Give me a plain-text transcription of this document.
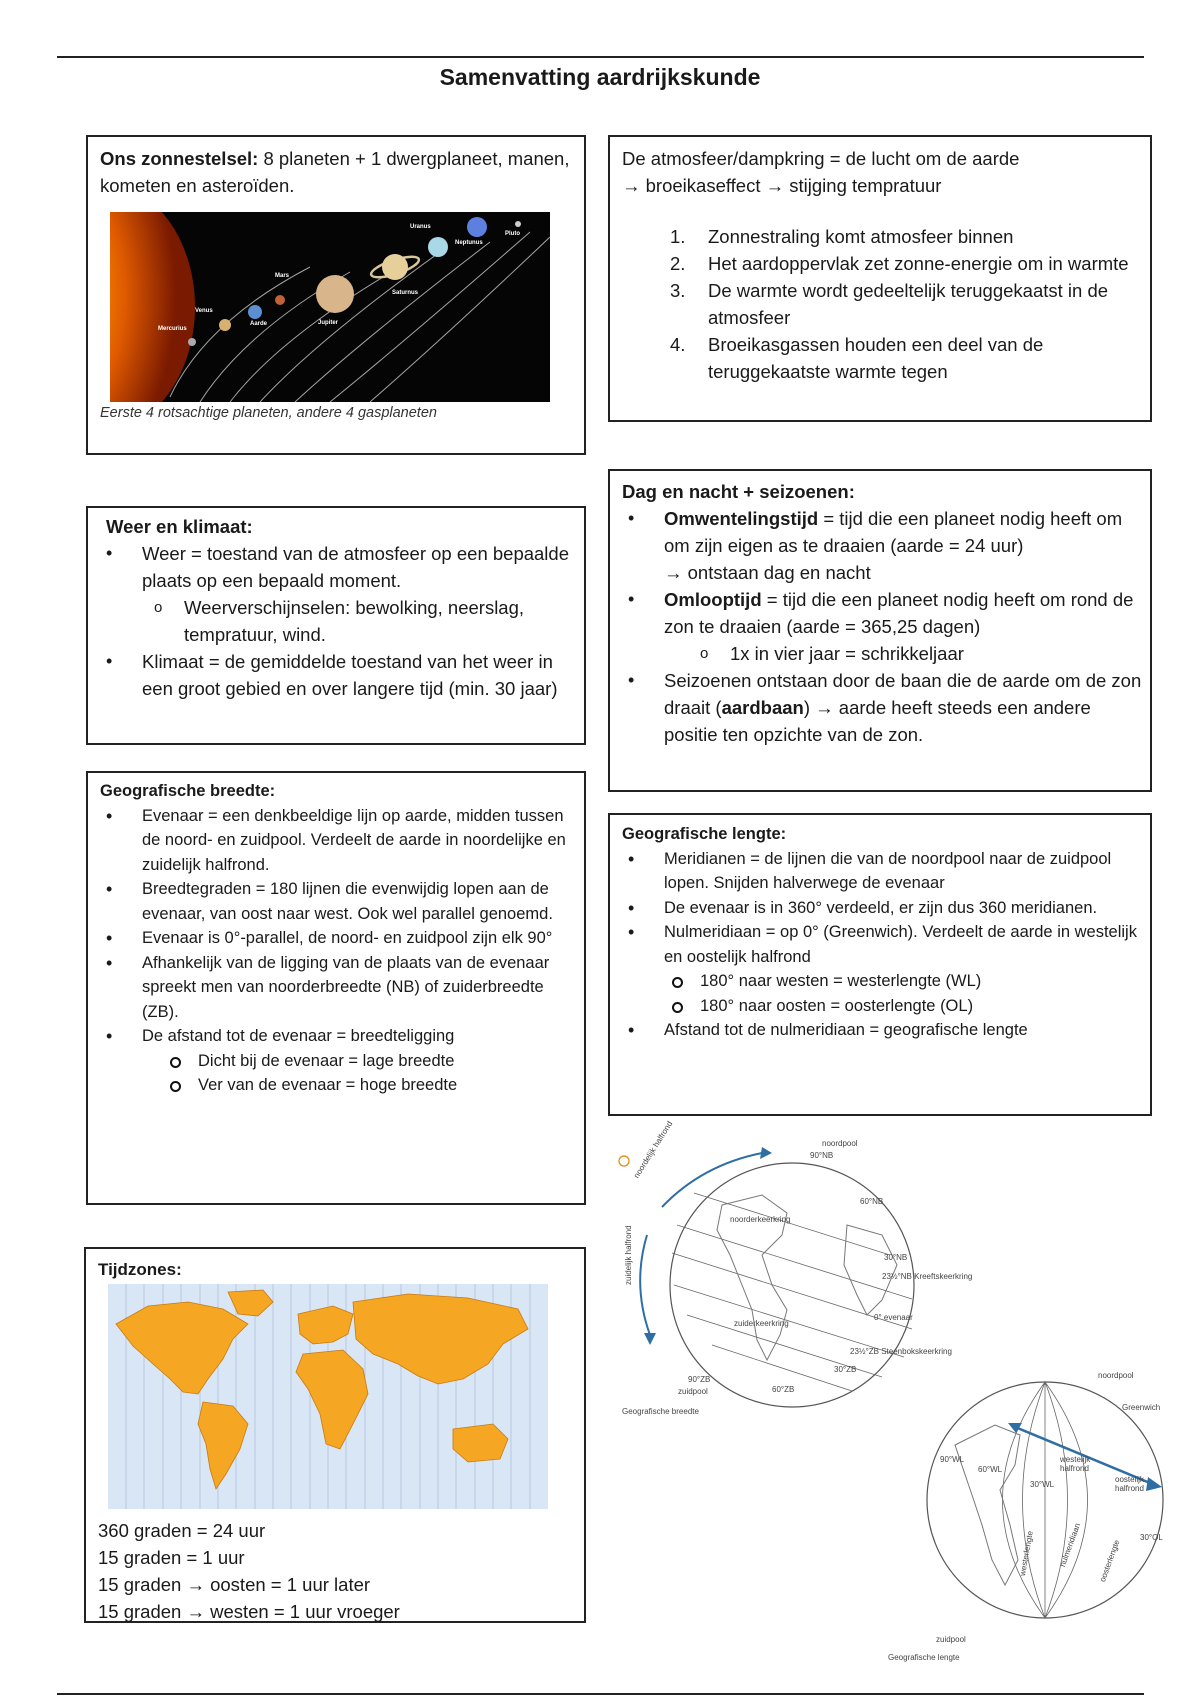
Samenvatting aardrijkskunde
Ons zonnestelsel: 8 planeten + 1 dwergplaneet, manen, kometen en asteroïden.
Uranus
Neptunus
Pluto
Mars
Saturnus
Venus
Aarde	Jupiter
Mercurius
Eerste 4 rotsachtige planeten, andere 4 gasplaneten
De atmosfeer/dampkring = de lucht om de aarde
→ broeikaseffect → stijging tempratuur
1. Zonnestraling komt atmosfeer binnen
2. Het aardoppervlak zet zonne-energie om in warmte
3. De warmte wordt gedeeltelijk teruggekaatst in de atmosfeer
4. Broeikasgassen houden een deel van de teruggekaatste warmte tegen
Weer en klimaat:
• Weer = toestand van de atmosfeer op een bepaalde plaats op een bepaald moment.
o Weerverschijnselen: bewolking, neerslag, tempratuur, wind.
• Klimaat = de gemiddelde toestand van het weer in een groot gebied en over langere tijd (min. 30 jaar)
Dag en nacht + seizoenen:
• Omwentelingstijd = tijd die een planeet nodig heeft om om zijn eigen as te draaien (aarde = 24 uur)
→ ontstaan dag en nacht
• Omlooptijd = tijd die een planeet nodig heeft om rond de zon te draaien (aarde = 365,25 dagen)
o 1x in vier jaar = schrikkeljaar
• Seizoenen ontstaan door de baan die de aarde om de zon draait (aardbaan) → aarde heeft steeds een andere positie ten opzichte van de zon.
Geografische breedte:
• Evenaar = een denkbeeldige lijn op aarde, midden tussen de noord- en zuidpool. Verdeelt de aarde in noordelijke en zuidelijk halfrond.
• Breedtegraden = 180 lijnen die evenwijdig lopen aan de evenaar, van oost naar west. Ook wel parallel genoemd.
• Evenaar is 0°-parallel, de noord- en zuidpool zijn elk 90°
• Afhankelijk van de ligging van de plaats van de evenaar spreekt men van noorderbreedte (NB) of zuiderbreedte (ZB).
• De afstand tot de evenaar = breedteligging
Dicht bij de evenaar = lage breedte
Ver van de evenaar = hoge breedte
Geografische lengte:
• Meridianen = de lijnen die van de noordpool naar de zuidpool lopen. Snijden halverwege de evenaar
• De evenaar is in 360° verdeeld, er zijn dus 360 meridianen.
• Nulmeridiaan = op 0° (Greenwich). Verdeelt de aarde in westelijk en oostelijk halfrond
180° naar westen = westerlengte (WL)
180° naar oosten = oosterlengte (OL)
• Afstand tot de nulmeridiaan = geografische lengte
Tijdzones:
360 graden = 24 uur
15 graden = 1 uur
15 graden → oosten = 1 uur later
15 graden → westen = 1 uur vroeger
noordpool
90°NB
60°NB
noorderkeerkring
30°NB
23½°NB Kreeftskeerkring
0° evenaar
zuiderkeerkring
23½°ZB Steenbokskeerkring
30°ZB
60°ZB
90°ZB
zuidpool
Geografische breedte
noordelijk halfrond
zuidelijk halfrond
noordpool
Greenwich
90°WL
60°WL
30°WL
westelijk halfrond
oostelijk halfrond
30°OL
westerlengte	nulmeridiaan oosterlengte
zuidpool
Geografische lengte
